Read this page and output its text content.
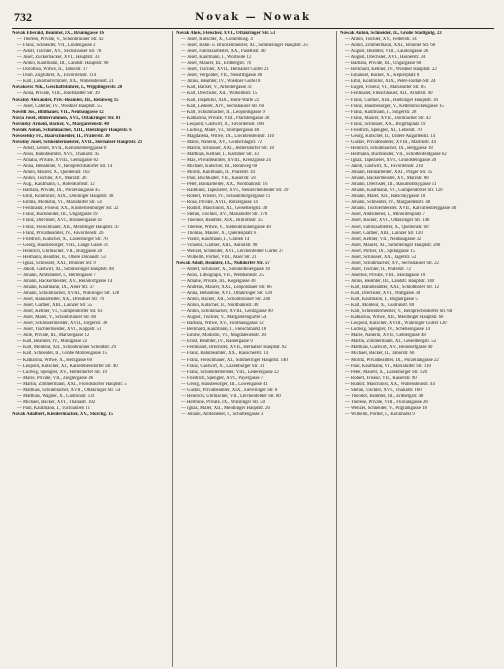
732	Novak — Nowak
Novak Eberald, Beamter, IX., Brunngasse 16
— Therese, Private, V., Schönbrunner Str. 42
— Franz, Schneider, VII., Lindengasse 2
— Adolf, Tischler, XV., Sechshauser Str. 78
— Josef, Zuckerbäcker, XVI., Hauptstr. 33
— Anton, Kaufmann, III., Landstr. Hauptstr. 90
— Dorothea, Witwe, II., Taborstr. 17
— Dom. Zugführer, X., Favoritenstr. 114
— Karl, Lokomotivführer, XX., Wallensteinstr. 21
Novakovic Nik., Geschäftsführer, I., Wipplingerstr. 20
— Anna, Private, VIII., Josefstädter Str. 39
Novatny Alexander, Priv.-Beamter, III., Rennweg 15
— Josef, Cafetier, IV., Wiedner Hauptstr. 55
Novelli Jos., Bildhauer, VII., Neubaugasse 12
Novia Josef, Bilderrahmen, XVI., Ottakringer Str. 81
Novinsky Arnold, Bäcker, V., Margaretenstr. 40
Novnik Anton, Schuhmacher, XIII., Hietzinger Hauptstr. 6
Novoselsky Fr., Haarschneider, II., Praterstr. 30
Novotny Josef, Schneidermeister, XVII., Hernalser Hauptstr. 21
— Adolf, Lehrer, XVII., Kalvarienberggasse 8
— Alois, Bahnbeamter, XVI., Thaliastr. 45
— Amalia, Private, XVIII., Gentzgasse 62
— Anna, Hebamme, V., Reinprechtsdorfer Str. 14
— Anton, Maurer, X., Quellenstr. 102
— Anton, Tischler, XV., Märzstr. 36
— Aug., Kaufmann, I., Rotenturmstr. 12
— Barbara, Private, IX., Porzellangasse 45
— Emil, Kontrollor, XIX., Döblinger Hauptstr. 38
— Emma, Modistin, VI., Mariahilfer Str. 54
— Ferdinand, Friseur, XX., Klosterneuburger Str. 22
— Franz, Buchbinder, III., Ungargasse 19
— Franz, Drechsler, XVI., Brunnengasse 41
— Franz, Fleischhauer, XII., Meidlinger Hauptstr. 47
— Franz, Privatbeamter, IV., Favoritenstr. 26
— Friedrich, Kutscher, X., Laxenburger Str. 70
— Georg, Hausbesorger, VIII., Lange Gasse 31
— Heinrich, Uhrmacher, VII., Burggasse 28
— Hermann, Beamter, II., Obere Donaustr. 53
— Ignaz, Schlosser, XXI., Brünner Str. 9
— Jakob, Gastwirt, XI., Simmeringer Hauptstr. 88
— Johann, Amtsdiener, I., Herrengasse 7
— Johann, Bäckermeister, XV., Reindorfgasse 14
— Johann, Kaufmann, IX., Alser Str. 37
— Johann, Schuhmacher, XVIII., Währinger Str. 128
— Josef, Bahnarbeiter, XX., Dresdner Str. 76
— Josef, Gärtner, XIII., Lainzer Str. 55
— Josef, Kellner, VI., Gumpendorfer Str. 63
— Josef, Maler, V., Schönbrunner Str. 88
— Josef, Schlossermeister, XVII., Jörgerstr. 30
— Josef, Tischlermeister, XVI., Koppstr. 51
— Julie, Private, III., Marxergasse 12
— Karl, Beamter, IV., Mühlgasse 22
— Karl, Monteur, XII., Schönbrunner Schloßstr. 29
— Karl, Schneider, II., Große Mohrengasse 15
— Katharina, Witwe, X., Herzgasse 60
— Leopold, Kutscher, XI., Kaiserebersdorfer Str. 40
— Ludwig, Spengler, XV., Hütteldorfer Str. 19
— Marie, Private, VII., Zieglergasse 46
— Martin, Zimmermann, XXI., Floridsdorfer Hauptstr. 5
— Matthias, Schuhmacher, XVII., Ottakringer Str. 54
— Matthias, Wagner, X., Gudrunstr. 131
— Michael, Bäcker, XVI., Thaliastr. 102
— Paul, Kaufmann, I., Tuchlauben 11
Novak Adalbert, Kleidermacher, XV., Storchg. 15
Novak Alois, Fleischer, XVI., Ottakringer Str. 53
— Josef, Kutscher, X., Columbusg. 4
— Josef, Bahn- u. Brückenmeister, XI., Simmeringer Hauptstr. 25
— Josef, Fabriksarbeiter, XX., Pasettistr. 40
— Josef, Kaufmann, I., Wollzeile 12
— Josef, Maurer, III., Erdbergstr. 76
— Josef, Tischler, XVII., Hernalser Gürtel 21
— Josef, Vergolder, VII., Neustiftgasse 40
— Julius, Beamter, IV., Wiedner Gürtel 8
— Karl, Bäcker, V., Arbeitergasse 31
— Karl, Drechsler, XII., Wilhelmstr. 15
— Karl, Inspektor, XIX., Hohe Warte 22
— Karl, Lederer, XIV., Sechshauser Str. 60
— Karl, Schuhmacher, II., Leopoldsgasse 9
— Katharina, Private, VIII., Piaristengasse 30
— Leopold, Gastwirt, X., Favoritenstr. 180
— Ludwig, Maler, VI., Stumpergasse 48
— Magdalena, Witwe, IX., Liechtensteinstr. 110
— Marie, Näherin, XV., Goldschlagstr. 72
— Martin, Schlosser, XXI., Jedlersdorfer Str. 18
— Matthias, Kellner, I., Kärntner Str. 33
— Max, Privatbeamter, XVIII., Kreuzgasse 24
— Michael, Kutscher, III., Rennweg 60
— Moritz, Kaufmann, II., Praterstr. 44
— Paul, Buchhalter, VII., Kaiserstr. 58
— Peter, Bahnarbeiter, XX., Nordbahnstr. 16
— Raimund, Tapezierer, XVI., Neulerchenfelder Str. 29
— Robert, Friseur, IV., Schaumburgergasse 11
— Rosa, Private, XVII., Rötzergasse 14
— Rudolf, Maschinist, XI., Geiselbergstr. 30
— Stefan, Tischler, XV., Mariahilfer Str. 170
— Theodor, Beamter, XIX., Billrothstr. 35
— Therese, Witwe, V., Siebenbrunnengasse 40
— Thomas, Maurer, X., Quellenplatz 6
— Viktor, Kaufmann, I., Graben 14
— Vinzenz, Gärtner, XIII., Auhofstr. 98
— Wenzel, Schneider, XVI., Lerchenfelder Gürtel 37
— Wilhelm, Portier, VIII., Alser Str. 21
Nowak Adolf, Beamter, IX., Nußdorfer Str. 57
— Albert, Schlosser, X., Sonnleithnergasse 18
— Alois, Lithograph, VII., Westbahnstr. 25
— Amalie, Private, III., Kegelgasse 30
— Andreas, Maurer, XXI., Leopoldauer Str. 66
— Anna, Hebamme, XVI., Ottakringer Str. 120
— Anton, Bäcker, XII., Schönbrunner Str. 240
— Anton, Kutscher, II., Nordbahnstr. 40
— Anton, Schuhmacher, XVIII., Gentzgasse 90
— August, Tischler, V., Margaretengürtel 54
— Barbara, Witwe, XV., Fünfhausgasse 12
— Bernhard, Kaufmann, I., Fleischmarkt 18
— Emilie, Modistin, VI., Magdalenenstr. 30
— Ernst, Beamter, IV., Rainergasse 9
— Ferdinand, Drechsler, XVII., Hernalser Hauptstr. 92
— Franz, Bahnbeamter, XX., Rauscherstr. 14
— Franz, Fleischhauer, XI., Simmeringer Hauptstr. 140
— Franz, Gastwirt, X., Laxenburger Str. 31
— Franz, Schneidermeister, VIII., Lederergasse 22
— Friedrich, Spengler, XVI., Payergasse 7
— Georg, Hausbesorger, III., Löwengasse 41
— Gustav, Privatbeamter, XIX., Sieveringer Str. 8
— Heinrich, Uhrmacher, VII., Lerchenfelder Str. 80
— Hermine, Private, IX., Währinger Str. 50
— Ignaz, Maler, XII., Meidlinger Hauptstr. 20
— Johann, Amtsdiener, I., Schottengasse 3
Nowak Anton, Schneider, II., Große Stadtgutg. 23
— Anton, Tischler, XV., Felberstr. 14
— Anton, Zimmermann, XXI., Brünner Str. 60
— August, Beamter, VIII., Laudongasse 26
— August, Drechsler, XVI., Hasnerstr. 34
— Barbara, Private, III., Ungargasse 60
— Bernhard, Kellner, IV., Wiedner Hauptstr. 22
— Emanuel, Bäcker, X., Keplerplatz 8
— Emil, Kontrollor, XIX., Peter-Jordan-Str. 24
— Eugen, Friseur, VI., Mariahilfer Str. 85
— Ferdinand, Fleischhauer, XII., Arndtstr. 40
— Franz, Gärtner, XIII., Hietzinger Hauptstr. 30
— Franz, Hausbesorger, V., Kettenbrückengasse 15
— Franz, Kaufmann, I., Singerstr. 28
— Franz, Maurer, XVII., Dornbacher Str. 42
— Franz, Schlosser, XX., Brigittaplatz 19
— Friedrich, Spengler, XI., Leberstr. 70
— Georg, Kutscher, II., Untere Augartenstr. 14
— Gustav, Privatbeamter, XVIII., Martinstr. 44
— Heinrich, Schuhmacher, IX., Berggasse 18
— Hermann, Buchbinder, VII., Schottenfeldgasse 62
— Ignaz, Tapezierer, XVI., Grundsteingasse 20
— Jakob, Gastwirt, X., Favoritenstr. 210
— Johann, Bahnarbeiter, XXI., Prager Str. 35
— Johann, Bäckermeister, XV., Märzstr. 88
— Johann, Drechsler, III., Rasumofskygasse 11
— Johann, Kaufmann, VI., Gumpendorfer Str. 120
— Johann, Maler, XII., Ratschkygasse 18
— Johann, Schneider, IV., Margaretenstr. 48
— Johann, Tischlermeister, XVII., Kalvarienberggasse 40
— Josef, Amtsdiener, I., Minoritenplatz 7
— Josef, Bäcker, XVI., Ottakringer Str. 140
— Josef, Fabriksarbeiter, X., Quellenstr. 60
— Josef, Gärtner, XIII., Lainzer Str. 120
— Josef, Kellner, VII., Neubaugasse 32
— Josef, Maurer, XI., Simmeringer Hauptstr. 200
— Josef, Portier, IX., Spitalgasse 15
— Josef, Schlosser, XX., Jägerstr. 52
— Josef, Schuhmacher, XV., Sechshauser Str. 22
— Josef, Tischler, II., Praterstr. 72
— Josefine, Private, VIII., Skodagasse 10
— Julius, Beamter, III., Landstr. Hauptstr. 140
— Karl, Bahnbeamter, XXI., Schloßhofer Str. 12
— Karl, Drechsler, XVI., Wattgasse 30
— Karl, Kaufmann, I., Bognergasse 5
— Karl, Monteur, X., Gudrunstr. 80
— Karl, Schneidermeister, V., Reinprechtsdorfer Str. 60
— Katharina, Witwe, XII., Meidlinger Hauptstr. 60
— Leopold, Kutscher, XVIII., Währinger Gürtel 120
— Ludwig, Spengler, IV., Schelleingasse 14
— Marie, Näherin, XVII., Geblergasse 48
— Martin, Zimmermann, XI., Geiselbergstr. 52
— Matthias, Gastwirt, XV., Reindorfgasse 40
— Michael, Bäcker, II., Taborstr. 60
— Moritz, Privatbeamter, IX., Porzellangasse 22
— Paul, Kaufmann, VI., Mariahilfer Str. 110
— Peter, Maurer, X., Laxenburger Str. 120
— Robert, Friseur, VII., Kaiserstr. 90
— Rudolf, Maschinist, XX., Wallensteinstr. 44
— Stefan, Tischler, XVI., Thaliastr. 160
— Theodor, Beamter, III., Erdbergstr. 40
— Therese, Private, VIII., Florianigasse 28
— Wenzel, Schneider, V., Pilgramgasse 18
— Wilhelm, Portier, I., Kohlmarkt 9
